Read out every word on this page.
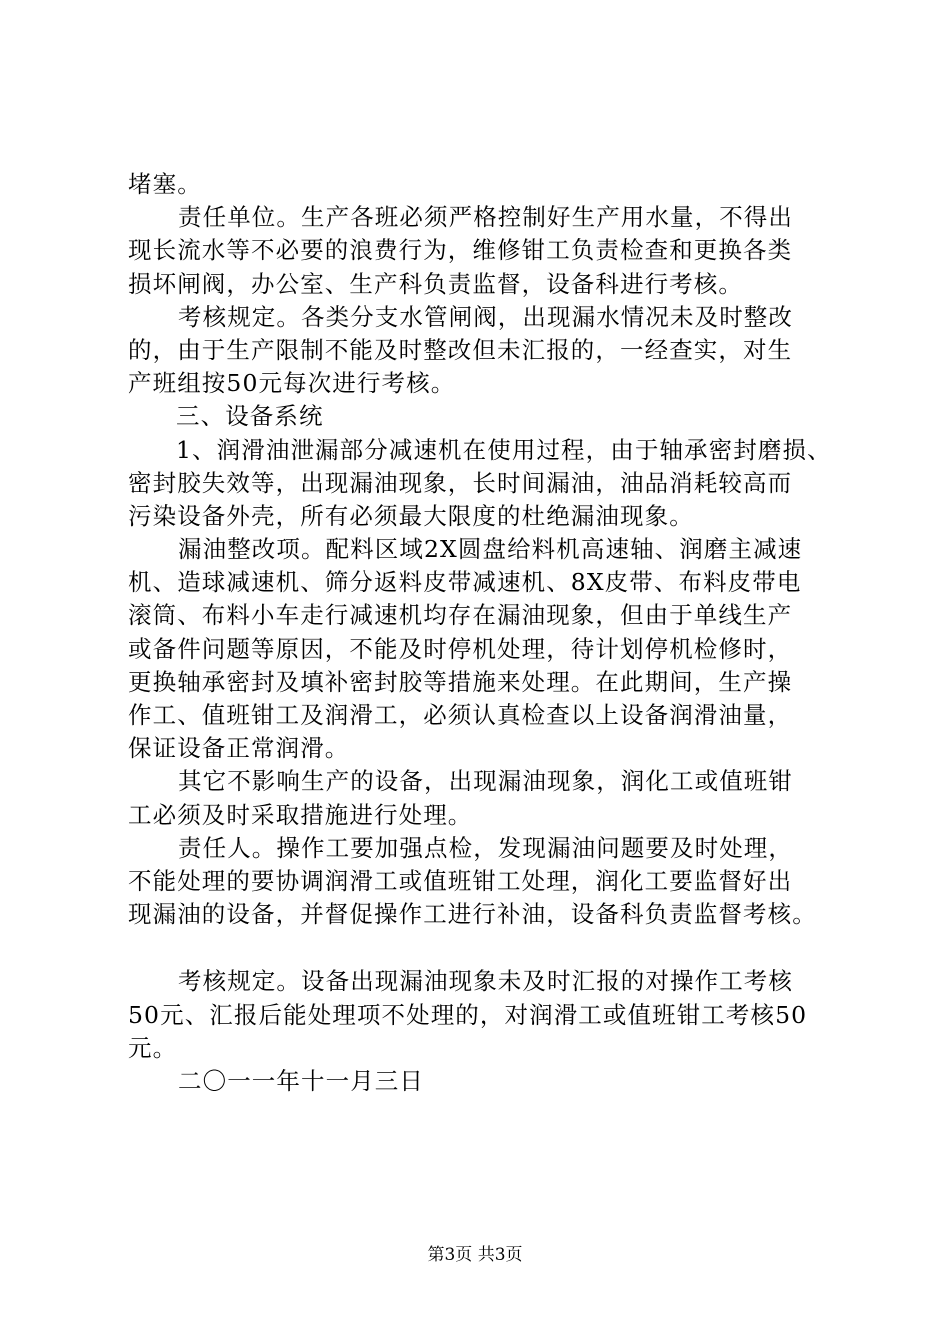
堵塞。
责任单位。生产各班必须严格控制好生产用水量，不得出
现长流水等不必要的浪费行为，维修钳工负责检查和更换各类
损坏闸阀，办公室、生产科负责监督，设备科进行考核。
考核规定。各类分支水管闸阀，出现漏水情况未及时整改
的，由于生产限制不能及时整改但未汇报的，一经查实，对生
产班组按50元每次进行考核。
三、设备系统
1、润滑油泄漏部分减速机在使用过程，由于轴承密封磨损、
密封胶失效等，出现漏油现象，长时间漏油，油品消耗较高而
污染设备外壳，所有必须最大限度的杜绝漏油现象。
漏油整改项。配料区域2X圆盘给料机高速轴、润磨主减速
机、造球减速机、筛分返料皮带减速机、8X皮带、布料皮带电
滚筒、布料小车走行减速机均存在漏油现象，但由于单线生产
或备件问题等原因，不能及时停机处理，待计划停机检修时，
更换轴承密封及填补密封胶等措施来处理。在此期间，生产操
作工、值班钳工及润滑工，必须认真检查以上设备润滑油量，
保证设备正常润滑。
其它不影响生产的设备，出现漏油现象，润化工或值班钳
工必须及时采取措施进行处理。
责任人。操作工要加强点检，发现漏油问题要及时处理，
不能处理的要协调润滑工或值班钳工处理，润化工要监督好出
现漏油的设备，并督促操作工进行补油，设备科负责监督考核。
考核规定。设备出现漏油现象未及时汇报的对操作工考核
50元、汇报后能处理项不处理的，对润滑工或值班钳工考核50
元。
二〇一一年十一月三日
第3页 共3页
